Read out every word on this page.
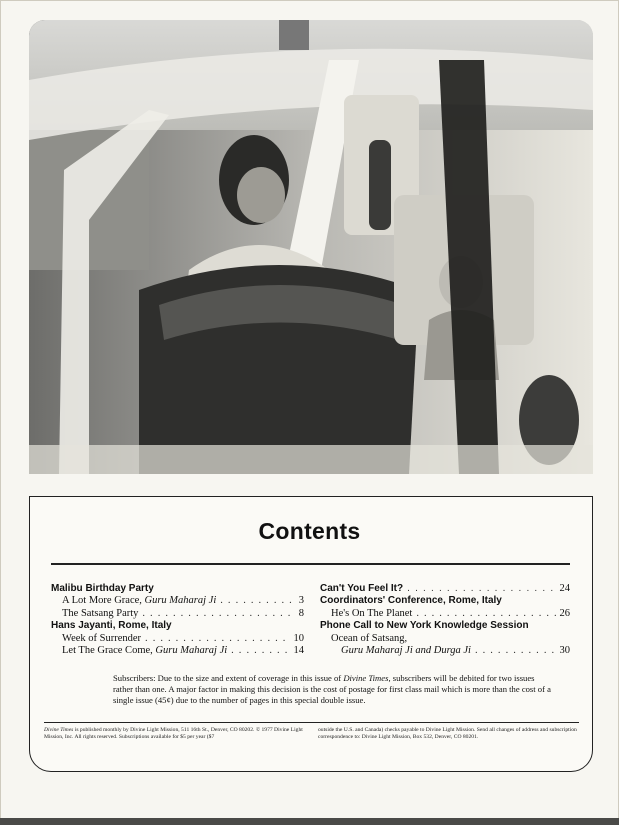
Contents
Malibu Birthday Party
A Lot More Grace, Guru Maharaj Ji . . .	3
The Satsang Party . . .	8
Hans Jayanti, Rome, Italy
Week of Surrender . . .	10
Let The Grace Come, Guru Maharaj Ji . . .	14
Can't You Feel It? . . .	24
Coordinators' Conference, Rome, Italy
He's On The Planet . . .	26
Phone Call to New York Knowledge Session
Ocean of Satsang,
Guru Maharaj Ji and Durga Ji . . .	30
Subscribers: Due to the size and extent of coverage in this issue of Divine Times, subscribers will be debited for two issues rather than one. A major factor in making this decision is the cost of postage for first class mail which is more than the cost of a single issue (45¢) due to the number of pages in this special double issue.
Divine Times is published monthly by Divine Light Mission, 511 16th St., Denver, CO 80202. © 1977 Divine Light Mission, Inc. All rights reserved. Subscriptions available for $5 per year ($7
outside the U.S. and Canada) checks payable to Divine Light Mission. Send all changes of address and subscription correspondence to: Divine Light Mission, Box 532, Denver, CO 80201.
